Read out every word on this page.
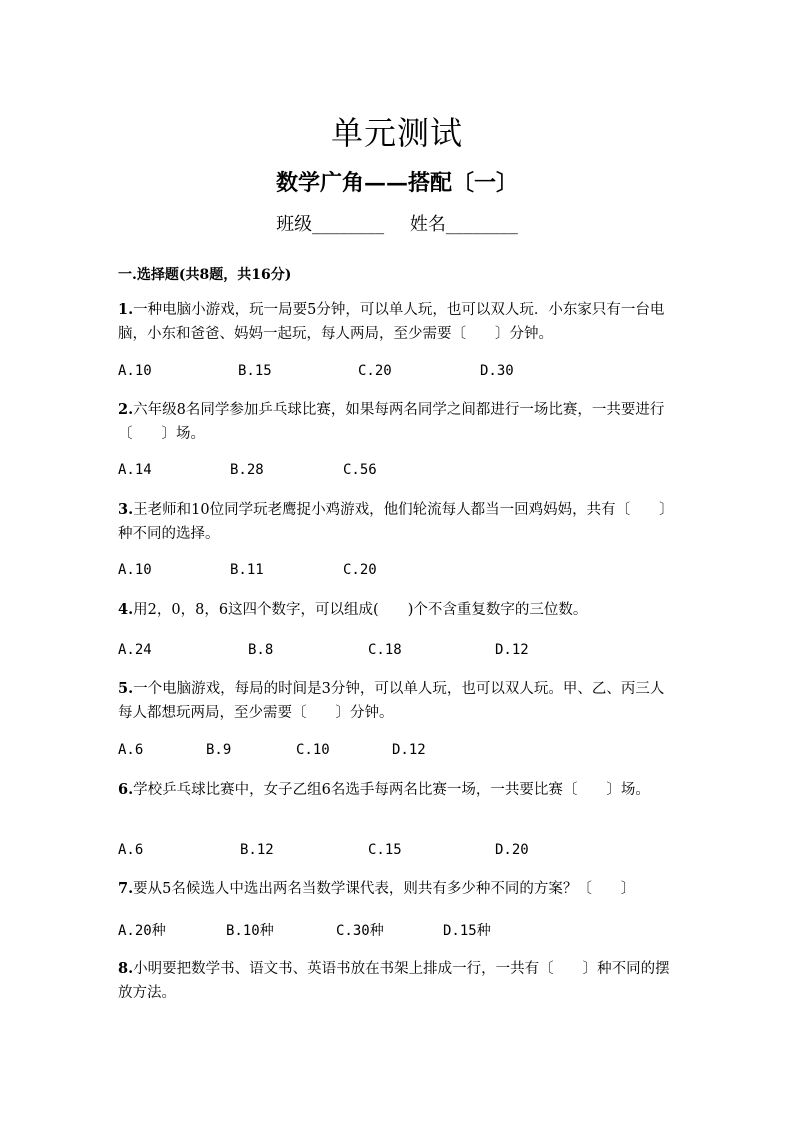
单元测试
数学广角——搭配〔一〕
班级________ 姓名________
一.选择题(共8题，共16分)
1.一种电脑小游戏，玩一局要5分钟，可以单人玩，也可以双人玩．小东家只有一台电脑，小东和爸爸、妈妈一起玩，每人两局，至少需要〔　　〕分钟。
A.10	B.15	C.20	D.30
2.六年级8名同学参加乒乓球比赛，如果每两名同学之间都进行一场比赛，一共要进行〔　　〕场。
A.14	B.28	C.56
3.王老师和10位同学玩老鹰捉小鸡游戏，他们轮流每人都当一回鸡妈妈，共有〔　　〕种不同的选择。
A.10	B.11	C.20
4.用2，0，8，6这四个数字，可以组成(　　)个不含重复数字的三位数。
A.24	B.8	C.18	D.12
5.一个电脑游戏，每局的时间是3分钟，可以单人玩，也可以双人玩。甲、乙、丙三人每人都想玩两局，至少需要〔　　〕分钟。
A.6	B.9	C.10	D.12
6.学校乒乓球比赛中，女子乙组6名选手每两名比赛一场，一共要比赛〔　　〕场。
A.6	B.12	C.15	D.20
7.要从5名候选人中选出两名当数学课代表，则共有多少种不同的方案？〔　　〕
A.20种	B.10种	C.30种	D.15种
8.小明要把数学书、语文书、英语书放在书架上排成一行，一共有〔　　〕种不同的摆放方法。
